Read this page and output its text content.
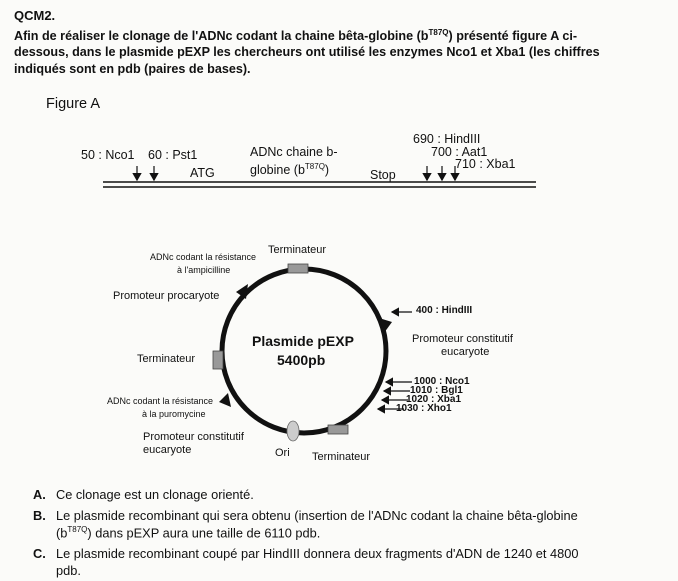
QCM2.
Afin de réaliser le clonage de l'ADNc codant la chaine bêta-globine $(b^{T87Q})$ présenté figure A ci-
dessous, dans le plasmide pEXP les chercheurs ont utilisé les enzymes Nco1 et Xba1 (les chiffres
indiqués sont en pdb (paires de bases).
Figure A
50 : Nco1 60 : Pst1	ADNc chaine b-
globine $(b^{T87Q})$
ATG	Stop
690 : HindIII
700 : Aat1
710 : Xba1
Plasmide pEXP
5400pb
Terminateur
ADNc codant la résistance
à l'ampicilline
Promoteur procaryote
Terminateur
ADNc codant la résistance
à la puromycine
Promoteur constitutif
eucaryote	Ori Terminateur
400 : HindIII
Promoteur constitutif
eucaryote
1000 : Nco1
1010 : Bgl1
1020 : Xba1
1030 : Xho1
A. Ce clonage est un clonage orienté.
B. Le plasmide recombinant qui sera obtenu (insertion de l'ADNc codant la chaine bêta-globine
$(b^{T87Q})$ dans pEXP aura une taille de 6110 pdb.
C. Le plasmide recombinant coupé par HindIII donnera deux fragments d'ADN de 1240 et 4800
pdb.
